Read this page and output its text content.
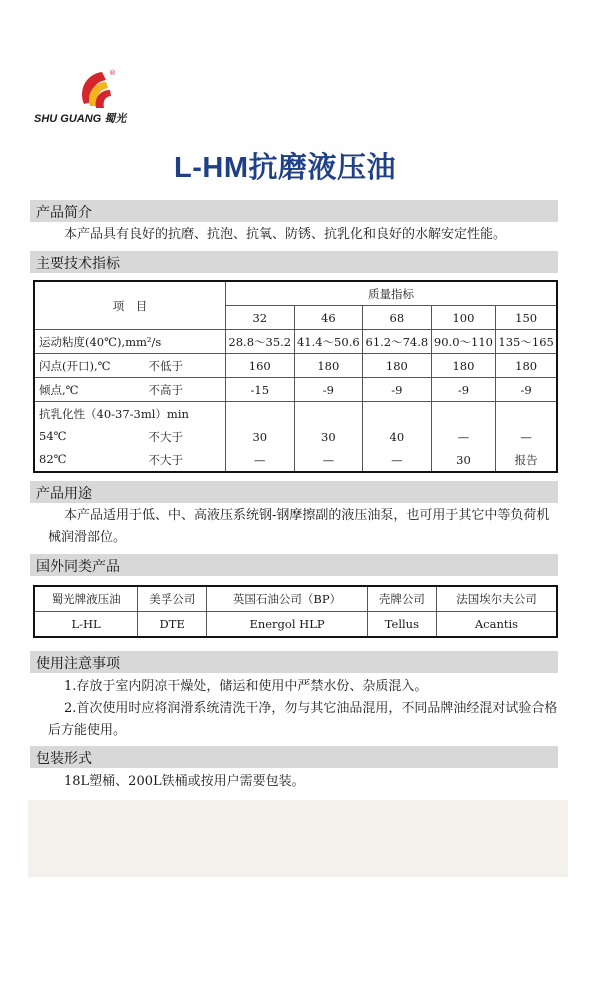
®
SHU GUANG 蜀光
L-HM抗磨液压油
产品简介
本产品具有良好的抗磨、抗泡、抗氧、防锈、抗乳化和良好的水解安定性能。
主要技术指标
项　目	质量指标				
	32	46	68	100	150
运动粘度(40℃),mm²/s	28.8～35.2	41.4～50.6	61.2～74.8	90.0～110	135～165

闪点(开口),℃ 不低于	160	180	180	180	180

倾点,℃ 不高于	-15	-9	-9	-9	-9
抗乳化性（40-37-3ml）min					

54℃ 不大于	30	30	40	—	—

82℃ 不大于	—	—	—	30	报告
产品用途
本产品适用于低、中、高液压系统钢-钢摩擦副的液压油泵，也可用于其它中等负荷机械润滑部位。
国外同类产品
蜀光牌液压油	美孚公司	英国石油公司（BP）	壳牌公司	法国埃尔夫公司
L-HL	DTE	Energol HLP	Tellus	Acantis
使用注意事项
1.存放于室内阴凉干燥处，储运和使用中严禁水份、杂质混入。
2.首次使用时应将润滑系统清洗干净，勿与其它油品混用，不同品牌油经混对试验合格后方能使用。
包装形式
18L塑桶、200L铁桶或按用户需要包装。
